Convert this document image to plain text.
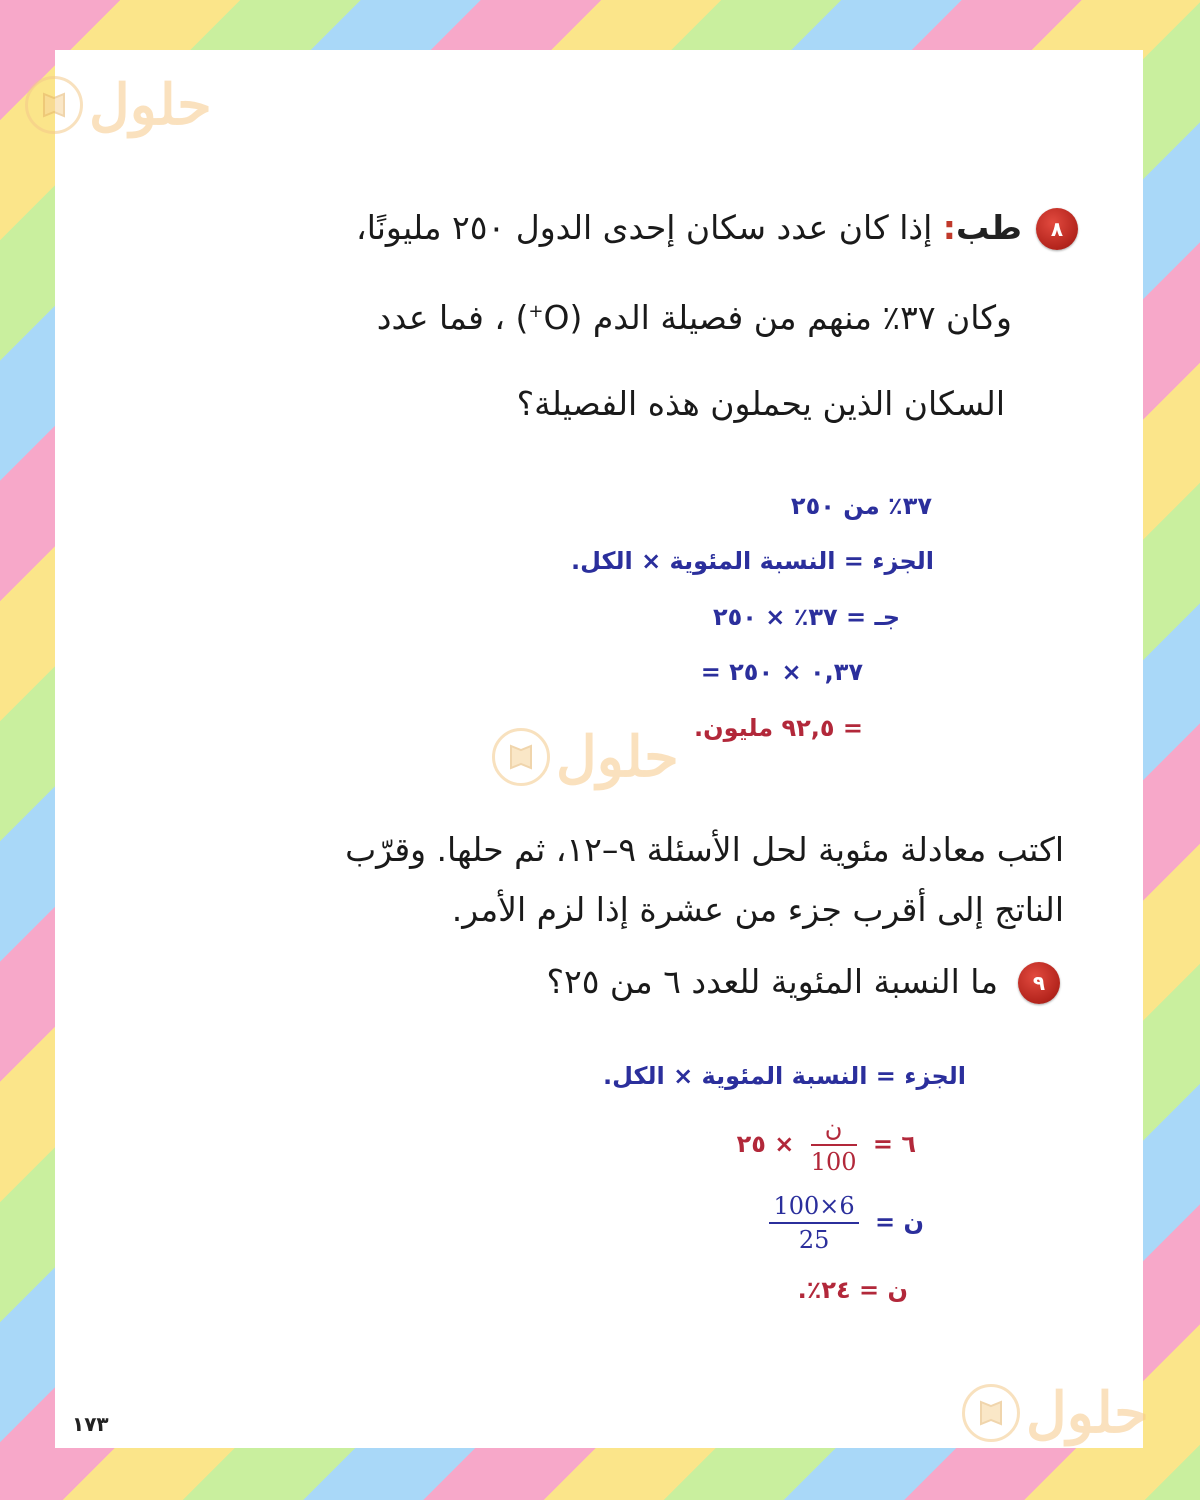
حلول
حلول
حلول
٨
طب: إذا كان عدد سكان إحدى الدول ٢٥٠ مليونًا،
وكان ٣٧٪ منهم من فصيلة الدم (O+) ، فما عدد
السكان الذين يحملون هذه الفصيلة؟
٣٧٪ من ٢٥٠
الجزء = النسبة المئوية × الكل.
جـ = ٣٧٪ × ٢٥٠
= ٠,٣٧ × ٢٥٠
= ٩٢,٥ مليون.
اكتب معادلة مئوية لحل الأسئلة ٩–١٢، ثم حلها. وقرّب
الناتج إلى أقرب جزء من عشرة إذا لزم الأمر.
٩
ما النسبة المئوية للعدد ٦ من ٢٥؟
الجزء = النسبة المئوية × الكل.
٦ =
$\frac{\text{ن}}{100}$
× ٢٥
ن =
$\frac{6\times 100}{25}$
ن = ٢٤٪.
١٧٣
